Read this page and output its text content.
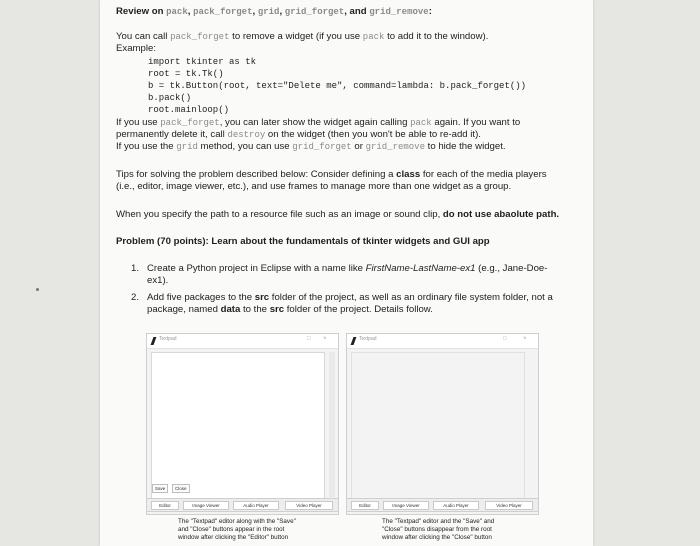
Review on pack, pack_forget, grid, grid_forget, and grid_remove:
You can call pack_forget to remove a widget (if you use pack to add it to the window).
Example:
import tkinter as tk
root = tk.Tk()
b = tk.Button(root, text="Delete me", command=lambda: b.pack_forget())
b.pack()
root.mainloop()
If you use pack_forget, you can later show the widget again calling pack again. If you want to
permanently delete it, call destroy on the widget (then you won't be able to re-add it).
If you use the grid method, you can use grid_forget or grid_remove to hide the widget.
Tips for solving the problem described below: Consider defining a class for each of the media players
(i.e., editor, image viewer, etc.), and use frames to manage more than one widget as a group.
When you specify the path to a resource file such as an image or sound clip, do not use abaolute path.
Problem (70 points): Learn about the fundamentals of tkinter widgets and GUI app
1. Create a Python project in Eclipse with a name like FirstName-LastName-ex1 (e.g., Jane-Doe-
ex1).
2. Add five packages to the src folder of the project, as well as an ordinary file system folder, not a
package, named data to the src folder of the project. Details follow.
Textpad	□ ×
Save	Close
Editor	Image Viewer	Audio Player	Video Player
The "Textpad" editor along with the "Save"
and "Close" buttons appear in the root
window after clicking the "Editor" button
Textpad	□	×
Editor	Image Viewer	Audio Player	Video Player
The "Textpad" editor and the "Save" and
"Close" buttons disappear from the root
window after clicking the "Close" button
